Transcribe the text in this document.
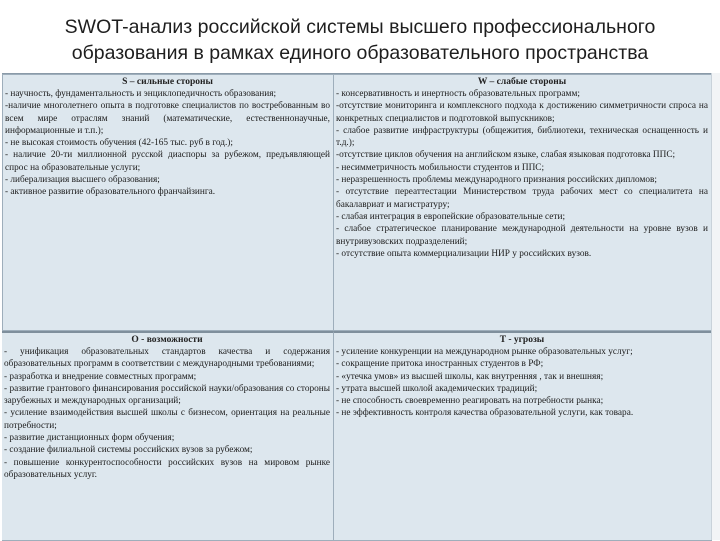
SWOT-анализ российской системы высшего профессионального образования в рамках единого образовательного пространства
S – сильные стороны
- научность, фундаментальность и энциклопедичность образования;
-наличие многолетнего опыта в подготовке специалистов по востребованным во всем мире отраслям знаний (математические, естественнонаучные, информационные и т.п.);
- не высокая стоимость обучения (42-165 тыс. руб в год.);
- наличие 20-ти миллионной русской диаспоры за рубежом, предъявляющей спрос на образовательные услуги;
- либерализация высшего образования;
- активное развитие образовательного франчайзинга.
W – слабые стороны
- консервативность и инертность образовательных программ;
-отсутствие мониторинга и комплексного подхода к достижению симметричности спроса на конкретных специалистов и подготовкой выпускников;
- слабое развитие инфраструктуры (общежития, библиотеки, техническая оснащенность и т.д.);
-отсутствие циклов обучения на английском языке, слабая языковая подготовка ППС;
- несимметричность мобильности студентов и ППС;
- неразрешенность проблемы международного признания российских дипломов;
- отсутствие переаттестации Министерством труда рабочих мест со специалитета на бакалавриат и магистратуру;
- слабая интеграция в европейские образовательные сети;
- слабое стратегическое планирование международной деятельности на уровне вузов и внутривузовских подразделений;
- отсутствие опыта коммерциализации НИР у российских вузов.
O - возможности
- унификация образовательных стандартов качества и содержания образовательных программ в соответствии с международными требованиями;
- разработка и внедрение совместных программ;
- развитие грантового финансирования российской науки/образования со стороны зарубежных и международных организаций;
- усиление взаимодействия высшей школы с бизнесом, ориентация на реальные потребности;
- развитие дистанционных форм обучения;
- создание филиальной системы российских вузов за рубежом;
- повышение конкурентоспособности российских вузов на мировом рынке образовательных услуг.
T - угрозы
- усиление конкуренции на международном рынке образовательных услуг;
- сокращение притока иностранных студентов в РФ;
- «утечка умов» из высшей школы, как внутренняя , так и внешняя;
- утрата высшей школой академических традиций;
- не способность своевременно реагировать на потребности рынка;
- не эффективность контроля качества образовательной услуги, как товара.
